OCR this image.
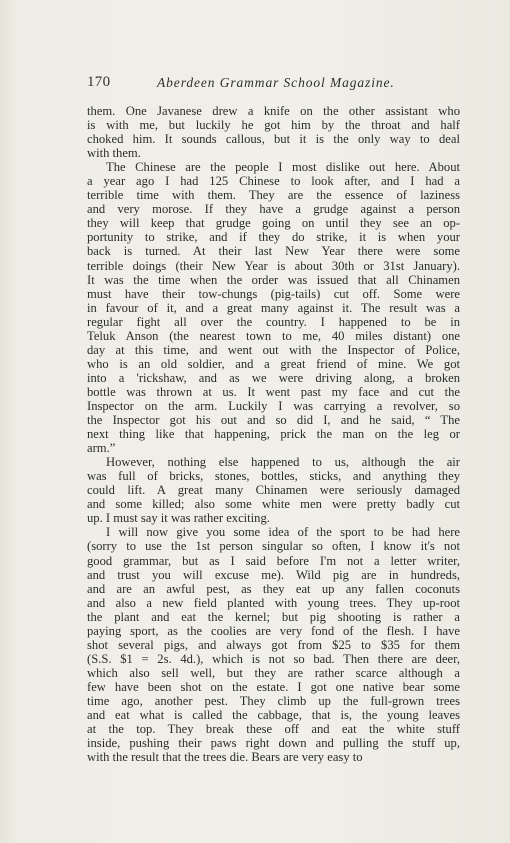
170	Aberdeen Grammar School Magazine.
them. One Javanese drew a knife on the other assistant who
is with me, but luckily he got him by the throat and half
choked him. It sounds callous, but it is the only way to deal
with them.
The Chinese are the people I most dislike out here. About
a year ago I had 125 Chinese to look after, and I had a
terrible time with them. They are the essence of laziness
and very morose. If they have a grudge against a person
they will keep that grudge going on until they see an op-
portunity to strike, and if they do strike, it is when your
back is turned. At their last New Year there were some
terrible doings (their New Year is about 30th or 31st January).
It was the time when the order was issued that all Chinamen
must have their tow-chungs (pig-tails) cut off. Some were
in favour of it, and a great many against it. The result was a
regular fight all over the country. I happened to be in
Teluk Anson (the nearest town to me, 40 miles distant) one
day at this time, and went out with the Inspector of Police,
who is an old soldier, and a great friend of mine. We got
into a 'rickshaw, and as we were driving along, a broken
bottle was thrown at us. It went past my face and cut the
Inspector on the arm. Luckily I was carrying a revolver, so
the Inspector got his out and so did I, and he said, “ The
next thing like that happening, prick the man on the leg or
arm.”
However, nothing else happened to us, although the air
was full of bricks, stones, bottles, sticks, and anything they
could lift. A great many Chinamen were seriously damaged
and some killed; also some white men were pretty badly cut
up. I must say it was rather exciting.
I will now give you some idea of the sport to be had here
(sorry to use the 1st person singular so often, I know it's not
good grammar, but as I said before I'm not a letter writer,
and trust you will excuse me). Wild pig are in hundreds,
and are an awful pest, as they eat up any fallen coconuts
and also a new field planted with young trees. They up-root
the plant and eat the kernel; but pig shooting is rather a
paying sport, as the coolies are very fond of the flesh. I have
shot several pigs, and always got from $25 to $35 for them
(S.S. $1 = 2s. 4d.), which is not so bad. Then there are deer,
which also sell well, but they are rather scarce although a
few have been shot on the estate. I got one native bear some
time ago, another pest. They climb up the full-grown trees
and eat what is called the cabbage, that is, the young leaves
at the top. They break these off and eat the white stuff
inside, pushing their paws right down and pulling the stuff up,
with the result that the trees die. Bears are very easy to
